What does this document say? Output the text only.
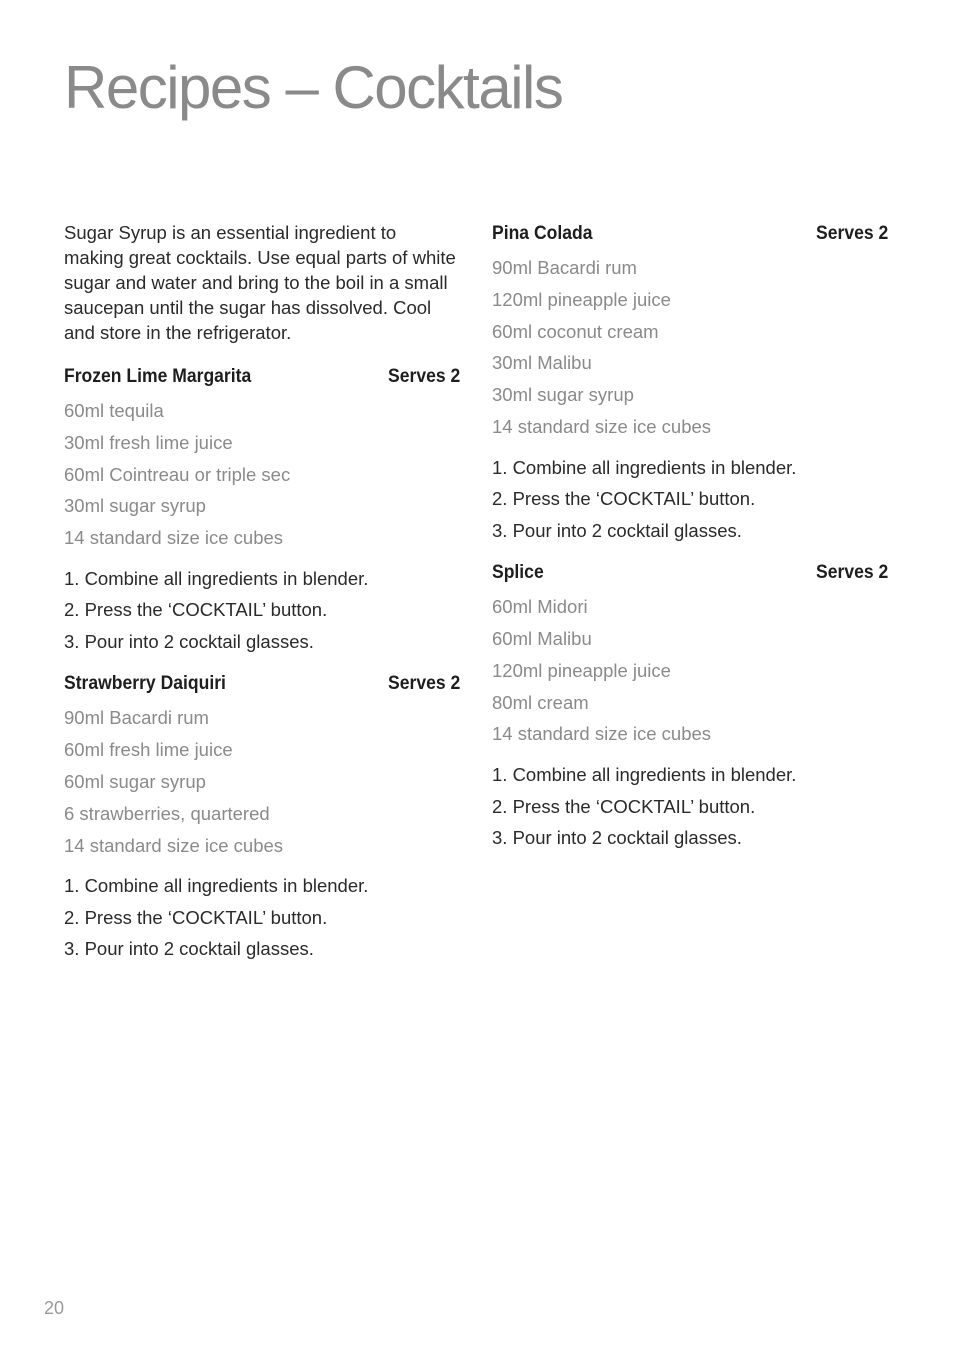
Recipes – Cocktails

Sugar Syrup is an essential ingredient to making great cocktails. Use equal parts of white sugar and water and bring to the boil in a small saucepan until the sugar has dissolved. Cool and store in the refrigerator.

Frozen Lime Margarita	Serves 2
60ml tequila
30ml fresh lime juice
60ml Cointreau or triple sec
30ml sugar syrup
14 standard size ice cubes
1. Combine all ingredients in blender.
2. Press the ‘COCKTAIL’ button.
3. Pour into 2 cocktail glasses.
Strawberry Daiquiri	Serves 2
90ml Bacardi rum
60ml fresh lime juice
60ml sugar syrup
6 strawberries, quartered
14 standard size ice cubes
1. Combine all ingredients in blender.
2. Press the ‘COCKTAIL’ button.
3. Pour into 2 cocktail glasses.
Pina Colada	Serves 2
90ml Bacardi rum
120ml pineapple juice
60ml coconut cream
30ml Malibu
30ml sugar syrup
14 standard size ice cubes
1. Combine all ingredients in blender.
2. Press the ‘COCKTAIL’ button.
3. Pour into 2 cocktail glasses.
Splice	Serves 2
60ml Midori
60ml Malibu
120ml pineapple juice
80ml cream
14 standard size ice cubes
1. Combine all ingredients in blender.
2. Press the ‘COCKTAIL’ button.
3. Pour into 2 cocktail glasses.
20
